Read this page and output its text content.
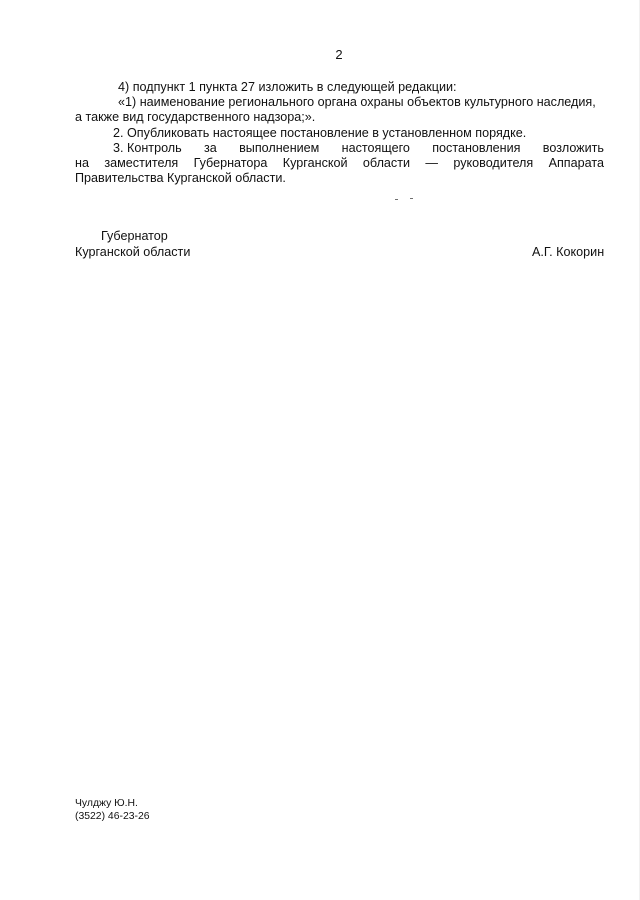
2
4) подпункт 1 пункта 27 изложить в следующей редакции:
«1) наименование регионального органа охраны объектов культурного наследия,
а также вид государственного надзора;».
2. Опубликовать настоящее постановление в установленном порядке.
3. Контроль за выполнением настоящего постановления возложить
на заместителя Губернатора Курганской области — руководителя Аппарата
Правительства Курганской области.
Губернатор
Курганской области	А.Г. Кокорин
Чулджу Ю.Н.
(3522) 46-23-26
